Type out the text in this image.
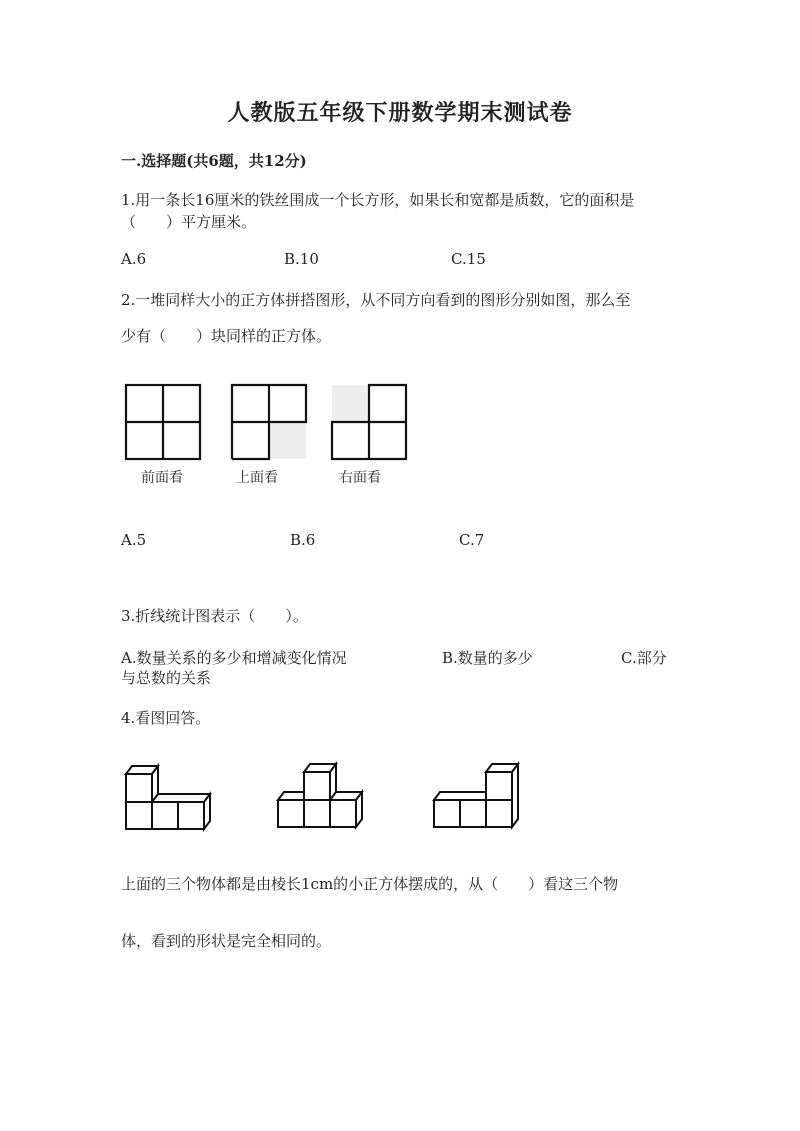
人教版五年级下册数学期末测试卷
一.选择题(共6题，共12分)
1.用一条长16厘米的铁丝围成一个长方形，如果长和宽都是质数，它的面积是
（　　）平方厘米。
A.6	B.10	C.15
2.一堆同样大小的正方体拼搭图形，从不同方向看到的图形分别如图，那么至
少有（　　）块同样的正方体。
前面看	上面看	右面看
A.5	B.6	C.7
3.折线统计图表示（　　）。
A.数量关系的多少和增减变化情况	B.数量的多少	C.部分
与总数的关系
4.看图回答。
上面的三个物体都是由棱长1cm的小正方体摆成的，从（　　）看这三个物
体，看到的形状是完全相同的。
